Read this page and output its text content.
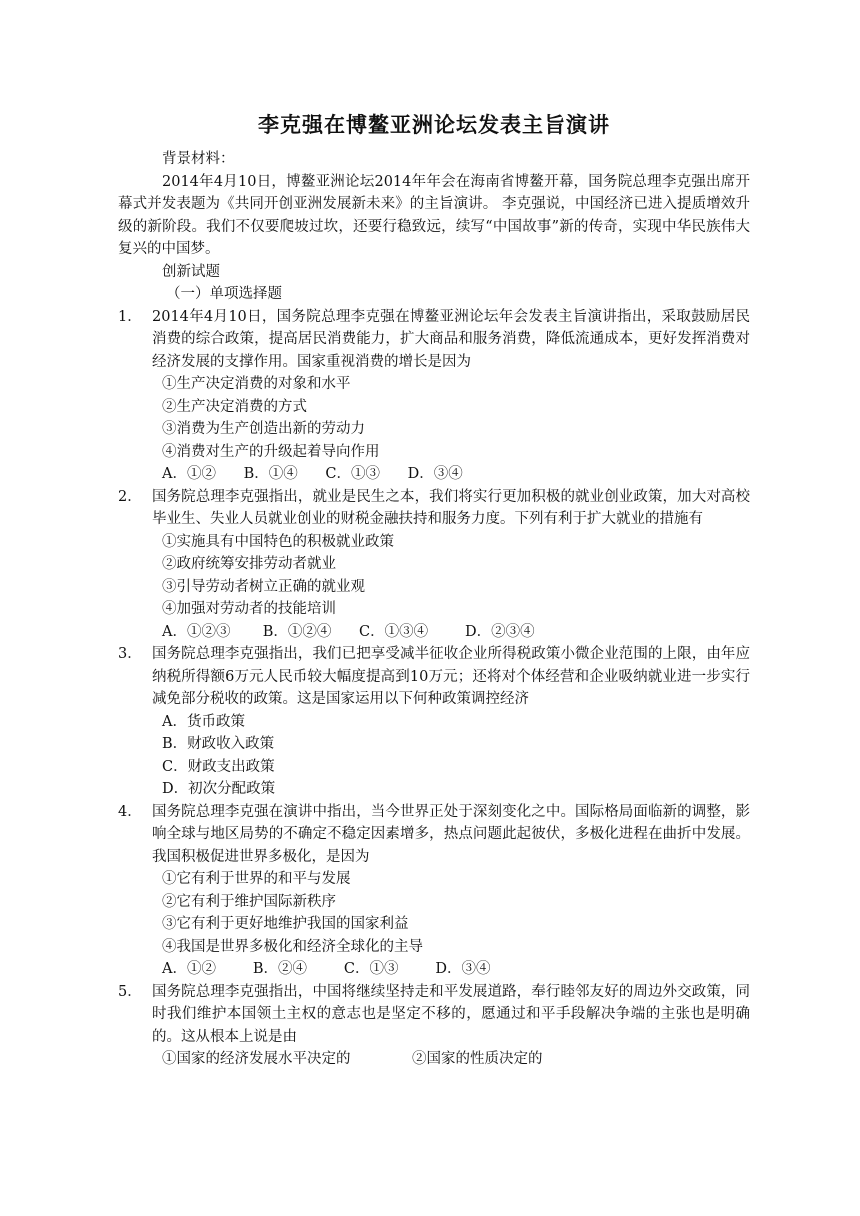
李克强在博鳌亚洲论坛发表主旨演讲
背景材料：
2014年4月10日，博鳌亚洲论坛2014年年会在海南省博鳌开幕，国务院总理李克强出席开幕式并发表题为《共同开创亚洲发展新未来》的主旨演讲。 李克强说，中国经济已进入提质增效升级的新阶段。我们不仅要爬坡过坎，还要行稳致远，续写“中国故事”新的传奇，实现中华民族伟大复兴的中国梦。
创新试题
（一）单项选择题
1． 2014年4月10日，国务院总理李克强在博鳌亚洲论坛年会发表主旨演讲指出，采取鼓励居民消费的综合政策，提高居民消费能力，扩大商品和服务消费，降低流通成本，更好发挥消费对经济发展的支撑作用。国家重视消费的增长是因为
①生产决定消费的对象和水平
②生产决定消费的方式
③消费为生产创造出新的劳动力
④消费对生产的升级起着导向作用
A．①②      B．①④      C．①③      D．③④
2． 国务院总理李克强指出，就业是民生之本，我们将实行更加积极的就业创业政策，加大对高校毕业生、失业人员就业创业的财税金融扶持和服务力度。下列有利于扩大就业的措施有
①实施具有中国特色的积极就业政策
②政府统筹安排劳动者就业
③引导劳动者树立正确的就业观
④加强对劳动者的技能培训
A．①②③       B．①②④      C．①③④        D．②③④
3． 国务院总理李克强指出，我们已把享受减半征收企业所得税政策小微企业范围的上限，由年应纳税所得额6万元人民币较大幅度提高到10万元；还将对个体经营和企业吸纳就业进一步实行减免部分税收的政策。这是国家运用以下何种政策调控经济
A．货币政策
B．财政收入政策
C．财政支出政策
D．初次分配政策
4． 国务院总理李克强在演讲中指出，当今世界正处于深刻变化之中。国际格局面临新的调整，影响全球与地区局势的不确定不稳定因素增多，热点问题此起彼伏，多极化进程在曲折中发展。我国积极促进世界多极化，是因为
①它有利于世界的和平与发展
②它有利于维护国际新秩序
③它有利于更好地维护我国的国家利益
④我国是世界多极化和经济全球化的主导
A．①②        B．②④        C．①③        D．③④
5． 国务院总理李克强指出，中国将继续坚持走和平发展道路，奉行睦邻友好的周边外交政策，同时我们维护本国领土主权的意志也是坚定不移的，愿通过和平手段解决争端的主张也是明确的。这从根本上说是由
①国家的经济发展水平决定的	②国家的性质决定的
